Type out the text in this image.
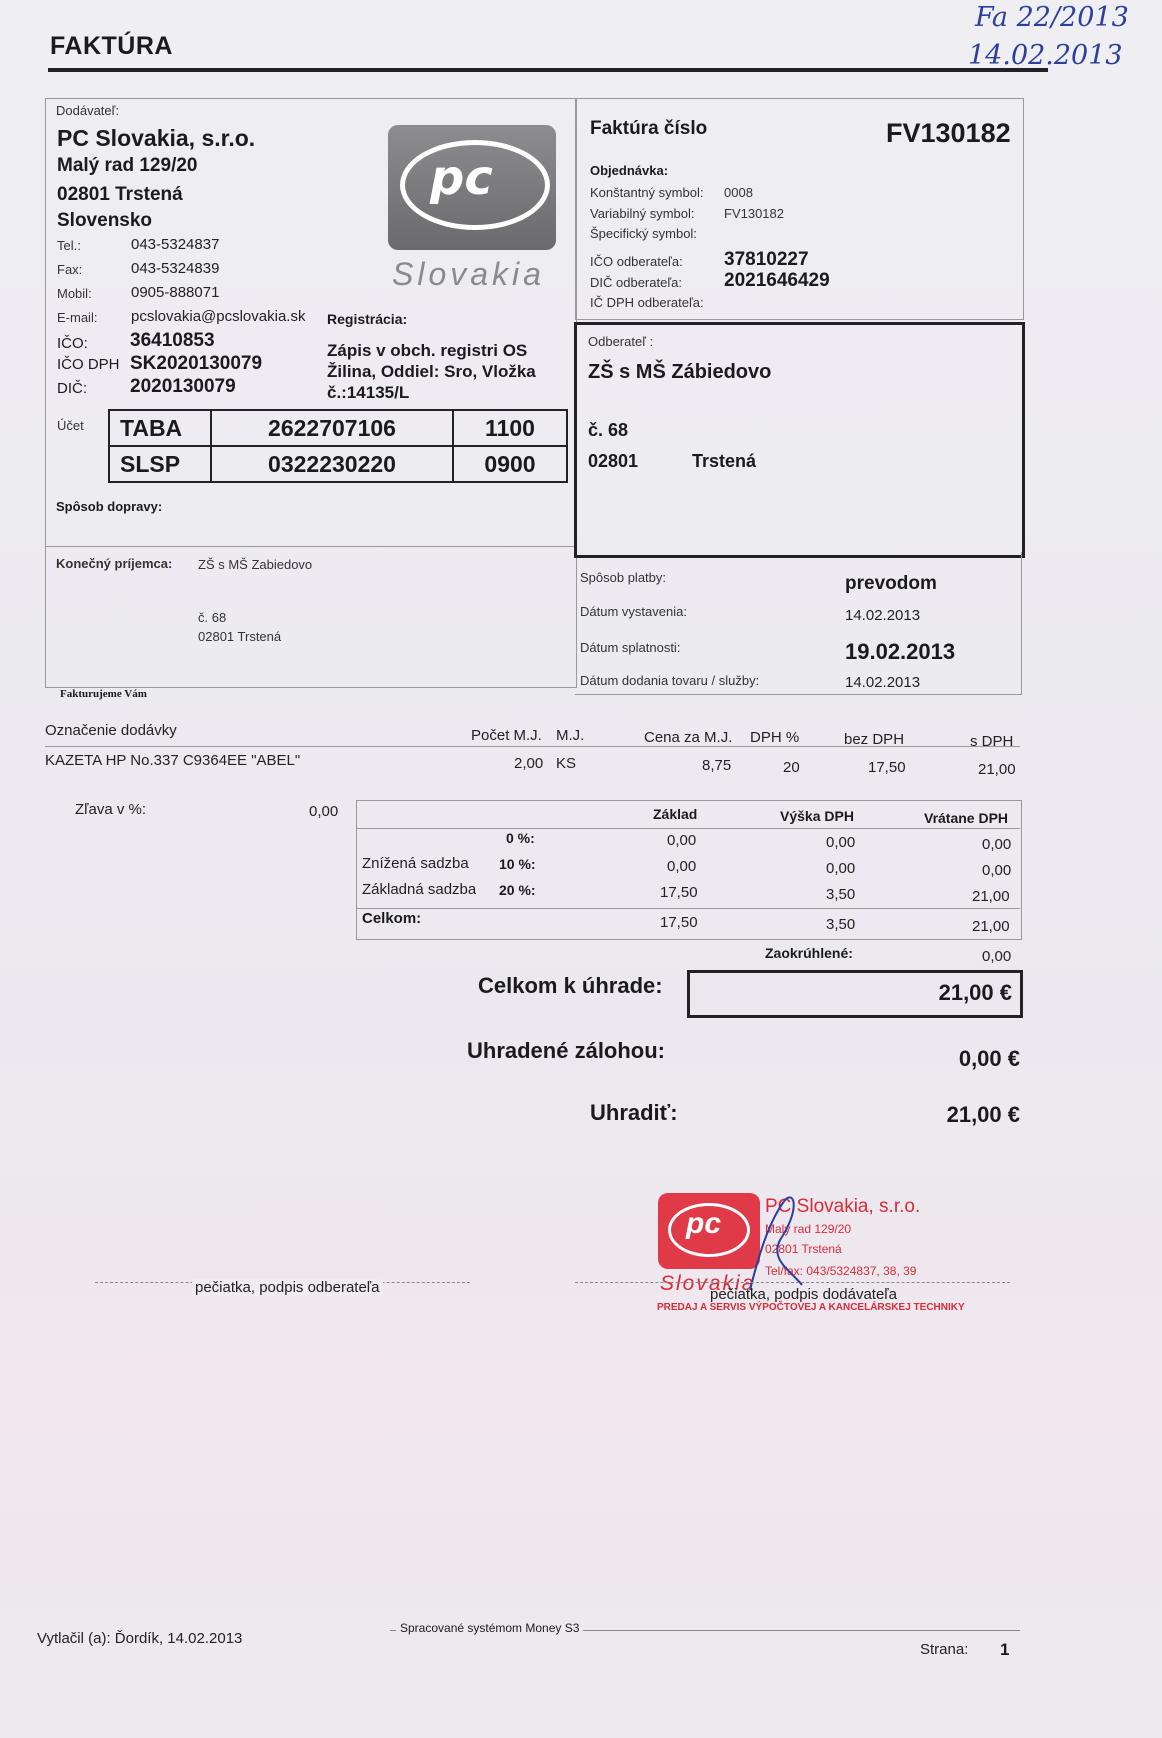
FAKTÚRA
Fa 22/2013
14.02.2013
Dodávateľ:
PC Slovakia, s.r.o.
Malý rad 129/20
02801 Trstená
Slovensko
Tel.:	043-5324837
Fax:	043-5324839
Mobil:	0905-888071
E-mail: pcslovakia@pcslovakia.sk Registrácia:
IČO: 36410853
IČO DPH SK2020130079
DIČ: 2020130079
Zápis v obch. registri OS
Žilina, Oddiel: Sro, Vložka
č.:14135/L
pc
Slovakia
Účet TABA	2622707106	1100
SLSP	0322230220	0900
Spôsob dopravy:
Faktúra číslo	FV130182
Objednávka:
Konštantný symbol: 0008
Variabilný symbol: FV130182
Špecifický symbol:
IČO odberateľa: 37810227
DIČ odberateľa: 2021646429
IČ DPH odberateľa:
Odberateľ :
ZŠ s MŠ Zábiedovo
č. 68
02801	Trstená
Konečný príjemca: ZŠ s MŠ Zabiedovo
č. 68
02801 Trstená
Spôsob platby:	prevodom
Dátum vystavenia:	14.02.2013
Dátum splatnosti:	19.02.2013
Dátum dodania tovaru / služby:	14.02.2013
Fakturujeme Vám
Označenie dodávky	Počet M.J. M.J.	Cena za M.J. DPH %	bez DPH	s DPH
KAZETA HP No.337 C9364EE "ABEL"	2,00 KS	8,75	20	17,50	21,00
Zľava v %:	0,00	Základ	Výška DPH	Vrátane DPH
0 %:	0,00	0,00	0,00
Znížená sadzba 10 %:	0,00	0,00	0,00
Základná sadzba 20 %:	17,50	3,50	21,00
Celkom:	17,50	3,50	21,00
Zaokrúhlené:	0,00
Celkom k úhrade:	21,00 €
Uhradené zálohou:	0,00 €
Uhradiť:	21,00 €
pc
Slovakia
PC Slovakia, s.r.o.
Malý rad 129/20
02801 Trstená
Tel/fax: 043/5324837, 38, 39
PREDAJ A SERVIS VÝPOČTOVEJ A KANCELÁRSKEJ TECHNIKY
pečiatka, podpis odberateľa	pečiatka, podpis dodávateľa
Spracované systémom Money S3
Vytlačil (a): Ďordík, 14.02.2013
Strana: 1
